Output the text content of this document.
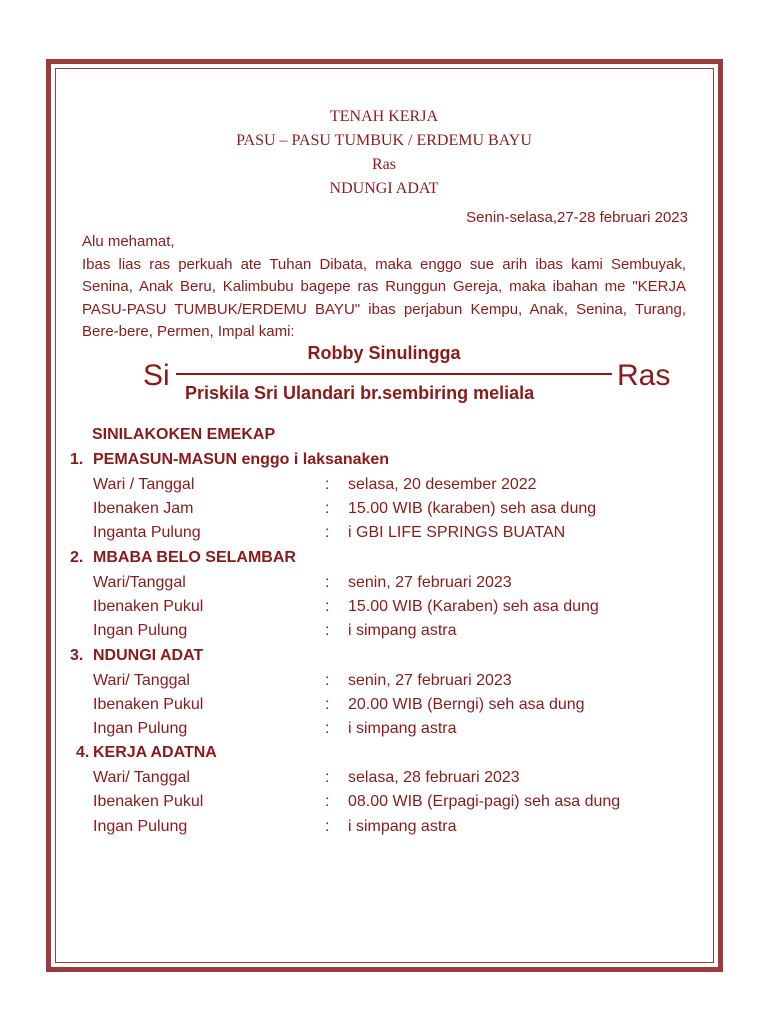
TENAH KERJA
PASU – PASU TUMBUK / ERDEMU BAYU
Ras
NDUNGI ADAT
Senin-selasa,27-28 februari 2023

Alu mehamat,

Ibas lias ras perkuah ate Tuhan Dibata, maka enggo sue arih ibas kami Sembuyak, Senina, Anak Beru, Kalimbubu bagepe ras Runggun Gereja, maka ibahan me "KERJA PASU-PASU TUMBUK/ERDEMU BAYU" ibas perjabun Kempu, Anak, Senina, Turang, Bere-bere, Permen, Impal kami:

Robby Sinulingga
Si	Ras
Priskila Sri Ulandari br.sembiring meliala
SINILAKOKEN EMEKAP
1. PEMASUN-MASUN enggo i laksanaken
Wari / Tanggal	: selasa, 20 desember 2022
Ibenaken Jam	: 15.00 WIB (karaben) seh asa dung
Inganta Pulung	: i GBI LIFE SPRINGS BUATAN
2. MBABA BELO SELAMBAR
Wari/Tanggal	: senin, 27 februari 2023
Ibenaken Pukul	: 15.00 WIB (Karaben) seh asa dung
Ingan Pulung	: i simpang astra
3. NDUNGI ADAT
Wari/ Tanggal	: senin, 27 februari 2023
Ibenaken Pukul	: 20.00 WIB (Berngi) seh asa dung
Ingan Pulung	: i simpang astra
4. KERJA ADATNA
Wari/ Tanggal	: selasa, 28 februari 2023
Ibenaken Pukul	: 08.00 WIB (Erpagi-pagi) seh asa dung
Ingan Pulung	: i simpang astra
